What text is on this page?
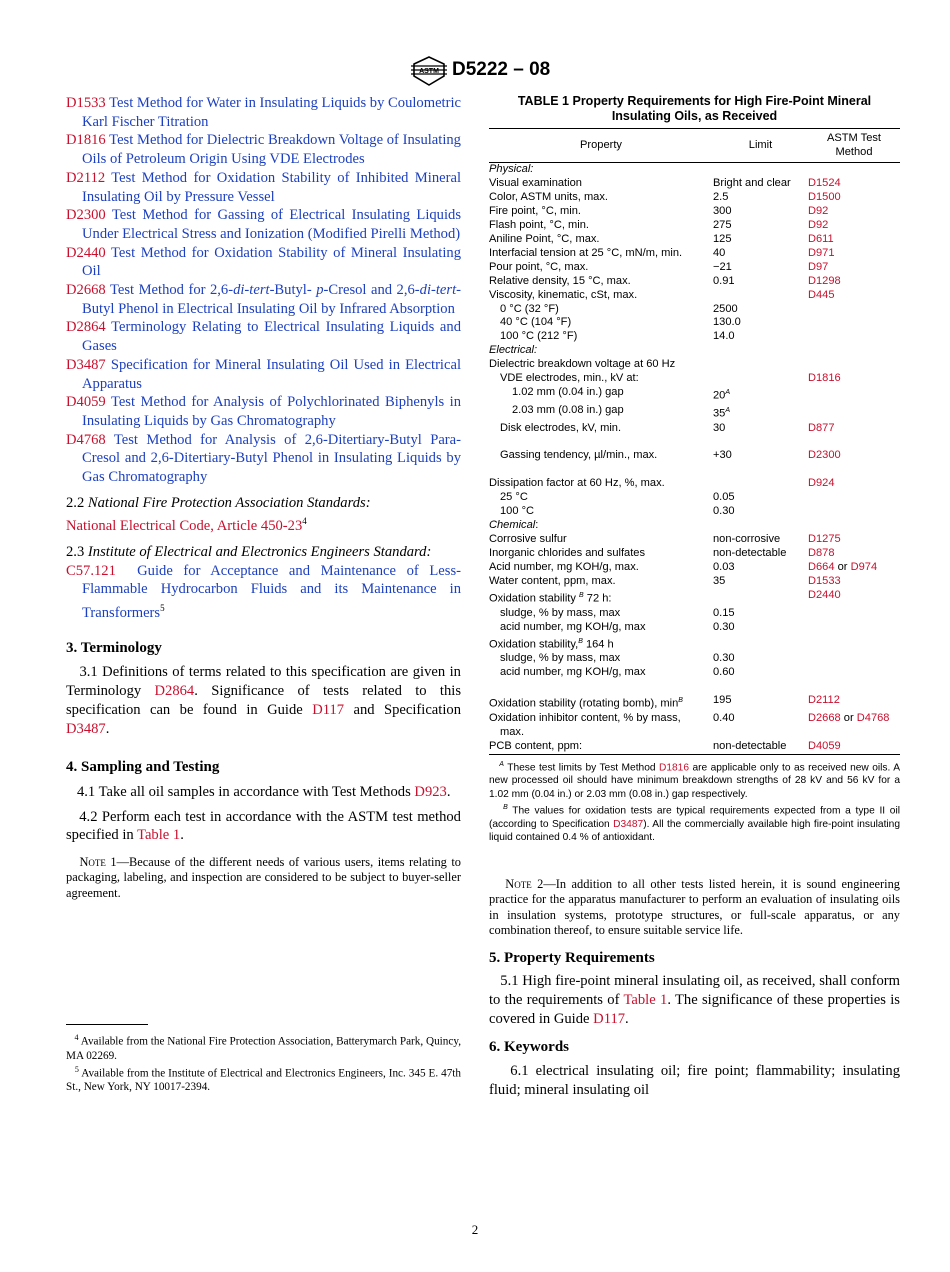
ASTM D5222 – 08
D1533 Test Method for Water in Insulating Liquids by Coulometric Karl Fischer Titration
D1816 Test Method for Dielectric Breakdown Voltage of Insulating Oils of Petroleum Origin Using VDE Electrodes
D2112 Test Method for Oxidation Stability of Inhibited Mineral Insulating Oil by Pressure Vessel
D2300 Test Method for Gassing of Electrical Insulating Liquids Under Electrical Stress and Ionization (Modified Pirelli Method)
D2440 Test Method for Oxidation Stability of Mineral Insulating Oil
D2668 Test Method for 2,6-di-tert-Butyl- p-Cresol and 2,6-di-tert-Butyl Phenol in Electrical Insulating Oil by Infrared Absorption
D2864 Terminology Relating to Electrical Insulating Liquids and Gases
D3487 Specification for Mineral Insulating Oil Used in Electrical Apparatus
D4059 Test Method for Analysis of Polychlorinated Biphenyls in Insulating Liquids by Gas Chromatography
D4768 Test Method for Analysis of 2,6-Ditertiary-Butyl Para-Cresol and 2,6-Ditertiary-Butyl Phenol in Insulating Liquids by Gas Chromatography

2.2 National Fire Protection Association Standards:
National Electrical Code, Article $450-23^4$

2.3 Institute of Electrical and Electronics Engineers Standard:

C57.121 Guide for Acceptance and Maintenance of Less-Flammable Hydrocarbon Fluids and its Maintenance in Transformers$^5$

3. Terminology

3.1 Definitions of terms related to this specification are given in Terminology D2864. Significance of tests related to this specification can be found in Guide D117 and Specification D3487.

4. Sampling and Testing

4.1 Take all oil samples in accordance with Test Methods D923.

4.2 Perform each test in accordance with the ASTM test method specified in Table 1.

Note 1—Because of the different needs of various users, items relating to packaging, labeling, and inspection are considered to be subject to buyer-seller agreement.

$^4$ Available from the National Fire Protection Association, Batterymarch Park, Quincy, MA 02269.
$^5$ Available from the Institute of Electrical and Electronics Engineers, Inc. 345 E. 47th St., New York, NY 10017-2394.

TABLE 1 Property Requirements for High Fire-Point Mineral Insulating Oils, as Received

Property	Limit	ASTM Test Method
Physical:		
Visual examination	Bright and clear	D1524
Color, ASTM units, max.	2.5	D1500
Fire point, °C, min.	300	D92
Flash point, °C, min.	275	D92
Aniline Point, °C, max.	125	D611
Interfacial tension at 25 °C, mN/m, min.	40	D971
Pour point, °C, max.	−21	D97
Relative density, 15 °C, max.	0.91	D1298
Viscosity, kinematic, cSt, max.		D445
0 °C (32 °F)	2500	
40 °C (104 °F)	130.0	
100 °C (212 °F)	14.0	
Electrical:		
Dielectric breakdown voltage at 60 Hz		
VDE electrodes, min., kV at:		D1816
1.02 mm (0.04 in.) gap	$20^A$	
2.03 mm (0.08 in.) gap	$35^A$	
Disk electrodes, kV, min.	30	D877

Gassing tendency, µl/min., max.	+30	D2300

Dissipation factor at 60 Hz, %, max.		D924
25 °C	0.05	
100 °C	0.30	
Chemical:		
Corrosive sulfur	non-corrosive	D1275
Inorganic chlorides and sulfates	non-detectable	D878
Acid number, mg KOH/g, max.	0.03	D664 or D974
Water content, ppm, max.	35	D1533
Oxidation stability $^B$ 72 h:		D2440
sludge, % by mass, max	0.15	
acid number, mg KOH/g, max	0.30	
Oxidation stability,$^B$ 164 h		
sludge, % by mass, max	0.30	
acid number, mg KOH/g, max	0.60	

Oxidation stability (rotating bomb), $\min^B$	195	D2112
Oxidation inhibitor content, % by mass,
max.	0.40	D2668 or D4768
PCB content, ppm:	non-detectable	D4059

$^A$ These test limits by Test Method D1816 are applicable only to as received new oils. A new processed oil should have minimum breakdown strengths of 28 kV and 56 kV for a 1.02 mm (0.04 in.) or 2.03 mm (0.08 in.) gap respectively.

$^B$ The values for oxidation tests are typical requirements expected from a type II oil (according to Specification D3487). All the commercially available high fire-point insulating liquid contained 0.4 % of antioxidant.

Note 2—In addition to all other tests listed herein, it is sound engineering practice for the apparatus manufacturer to perform an evaluation of insulating oils in insulation systems, prototype structures, or full-scale apparatus, or any combination thereof, to ensure suitable service life.

5. Property Requirements

5.1 High fire-point mineral insulating oil, as received, shall conform to the requirements of Table 1. The significance of these properties is covered in Guide D117.

6. Keywords

6.1 electrical insulating oil; fire point; flammability; insulating fluid; mineral insulating oil

2
